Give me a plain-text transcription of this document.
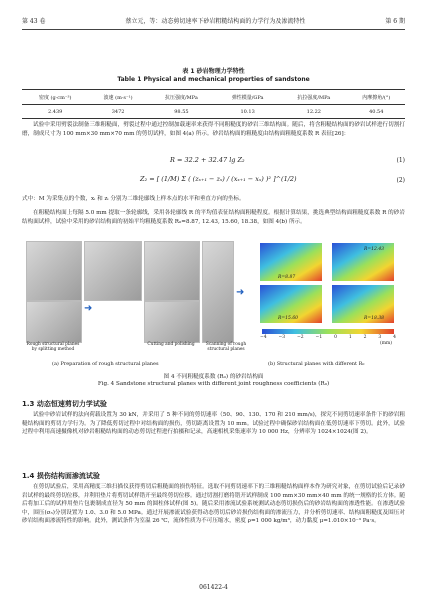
第 43 卷	蔡立元，等：动态剪切速率下砂岩粗糙结构面的力学行为及渗流特性	第 6 期
表 1 砂岩物理力学特性
Table 1 Physical and mechanical properties of sandstone
密度 (g·cm⁻³)	波速 (m·s⁻¹)	抗压强度/MPa	弹性模量/GPa	抗拉强度/MPa	内摩擦角/(°)
2.439	3472	98.55	10.13	12.22	40.54
试验中采用劈裂法制备三维粗糙面，劈裂过程中通过控制加载速率来获得不同粗糙度的砂岩三维结构面。随后，将含粗糙结构面的砂岩试样进行切割打磨，制成尺寸为 100 mm×30 mm×70 mm 的剪切试样，如图 4(a) 所示。砂岩结构面的粗糙度由结构面粗糙度系数 R 表征[26]：
R = 32.2 + 32.47 lg Z₂	(1)
Z₂ = [ (1/M) Σ ( (zₓ₊₁ − zₓ) / (xₓ₊₁ − xₓ) )² ]^(1/2)	(2)
式中：M 为采集点的个数，xᵢ 和 zᵢ 分别为二维轮廓线上样本点的水平和垂直方向的坐标。
在粗糙结构面上每隔 5.0 mm 提取一条轮廓线，采用各轮廓线 R 的平均值表征结构面粗糙程度。根据计算结果，挑选典型结构面粗糙度系数 R 的砂岩结构面试样，试验中采用的砂岩结构面的初始平均粗糙度系数 R₀=8.87, 12.43, 15.60, 18.38，如图 4(b) 所示。
➜
➜
Rough structural planes by splitting method
Cutting and polishing	Scanning of rough structural planes
R=8.87
R=12.43
R=15.60	R=18.38
−4	−3	−2	−1	0	1	2	3	4
(mm)
(a) Preparation of rough structural planes	(b) Structural planes with different R₀
图 4 不同粗糙度系数 (R₀) 的砂岩结构面
Fig. 4 Sandstone structural planes with different joint roughness coefficients (R₀)
1.3 动态恒速剪切力学试验
试验中砂岩试样的法向荷载设置为 30 kN，并采用了 5 种不同的剪切速率（50、90、130、170 和 210 mm/s)，探究不同剪切速率条件下的砂岩粗糙结构面的剪切力学行为。为了降低剪切过程中对结构面的损伤，剪切距离设置为 10 mm。试验过程中确保砂岩结构面在低剪切速率下剪切。此外，试验过程中利用高速摄像机对砂岩粗糙结构面的动态剪切过程进行拍摄和记录，高速相机采集速率为 10 000 Hz，分辨率为 1024×1024(图 2)。
1.4 损伤结构面渗流试验
在剪切试验后，采用高精度三维扫描仪获得剪切后粗糙面的损伤特征。选取不同剪切速率下的三维粗糙结构面样本作为研究对象，在剪切试验后记录砂岩试样的最终剪切位移，并利用垫片将剪切试样错开至最终剪切位移。通过切割打磨将错开试样制成 100 mm×30 mm×40 mm 的统一规格的长方体。随后将加工后的试样用垫片包裹制成直径为 50 mm 的圆柱体试样(图 5)。随后采用渗流试验系统测试动态剪切损伤后的砂岩结构面的渗透性能。在渗透试验中，围压(σ₃)分别设置为 1.0、3.0 和 5.0 MPa。通过开展渗流试验获得动态剪切后砂岩损伤结构面的渗流压力，并分析剪切速率、结构面粗糙度及围压对砂岩结构面渗流特性的影响。此外，测试条件为室温 26 ℃，流体性质为不可压缩水，密度 ρ=1 000 kg/m³，动力黏度 μ=1.010×10⁻³ Pa·s。
061422-4
